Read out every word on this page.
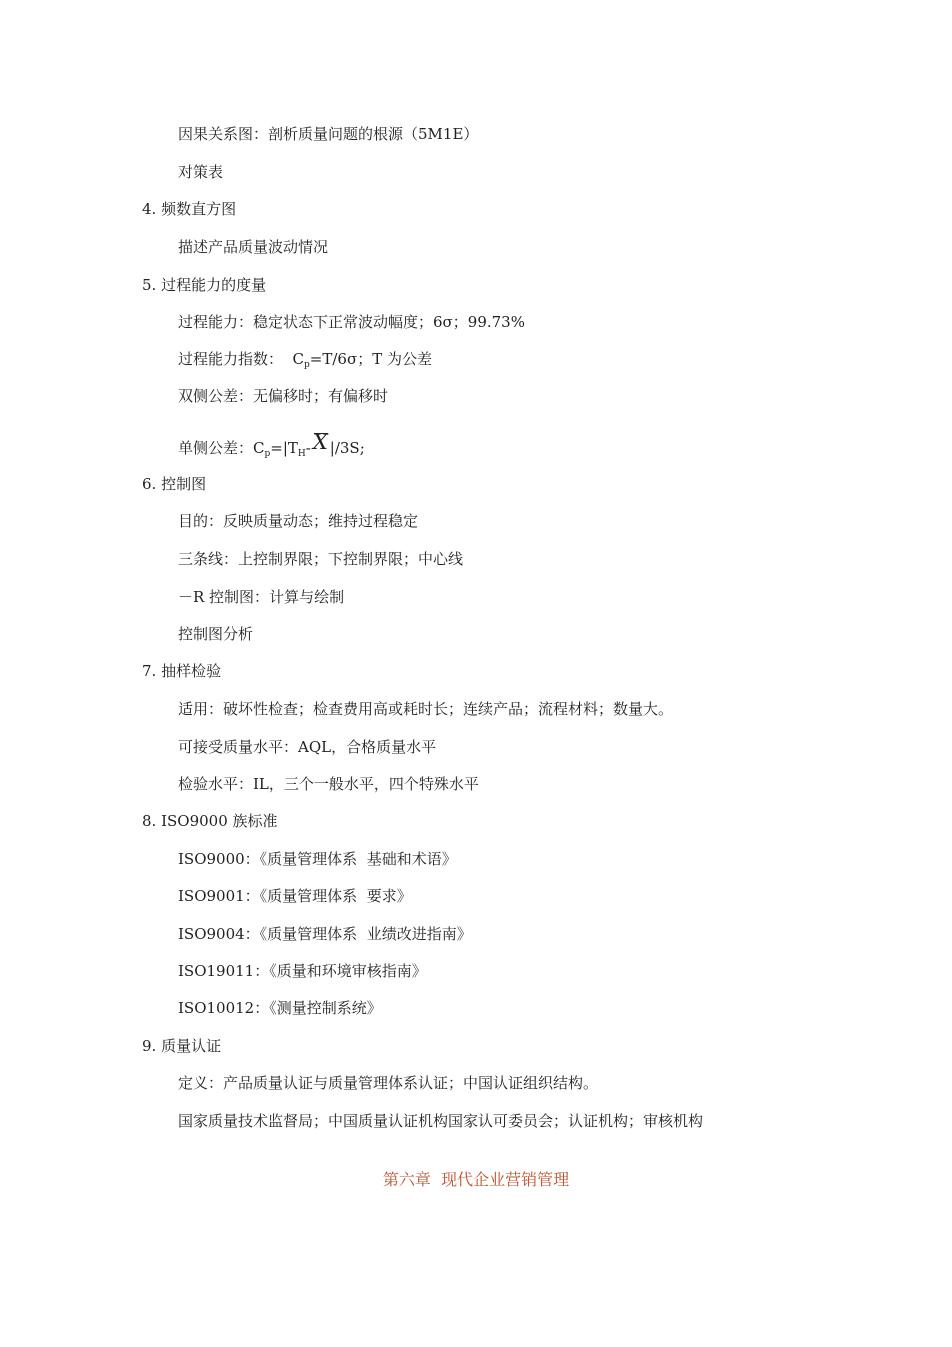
因果关系图：剖析质量问题的根源（5M1E）
对策表
4. 频数直方图
描述产品质量波动情况
5. 过程能力的度量
过程能力：稳定状态下正常波动幅度；6σ；99.73%
过程能力指数：  $C_p=T/6\sigma$；T 为公差
双侧公差：无偏移时；有偏移时
单侧公差：$C_p=|T_H-X$ |/3S;
6. 控制图
目的：反映质量动态；维持过程稳定
三条线：上控制界限；下控制界限；中心线
－R 控制图：计算与绘制
控制图分析
7. 抽样检验
适用：破坏性检查；检查费用高或耗时长；连续产品；流程材料；数量大。
可接受质量水平：AQL，合格质量水平
检验水平：IL，三个一般水平，四个特殊水平
8. ISO9000 族标准
ISO9000：《质量管理体系  基础和术语》
ISO9001：《质量管理体系  要求》
ISO9004：《质量管理体系  业绩改进指南》
ISO19011：《质量和环境审核指南》
ISO10012：《测量控制系统》
9. 质量认证
定义：产品质量认证与质量管理体系认证；中国认证组织结构。
国家质量技术监督局；中国质量认证机构国家认可委员会；认证机构；审核机构
第六章  现代企业营销管理
